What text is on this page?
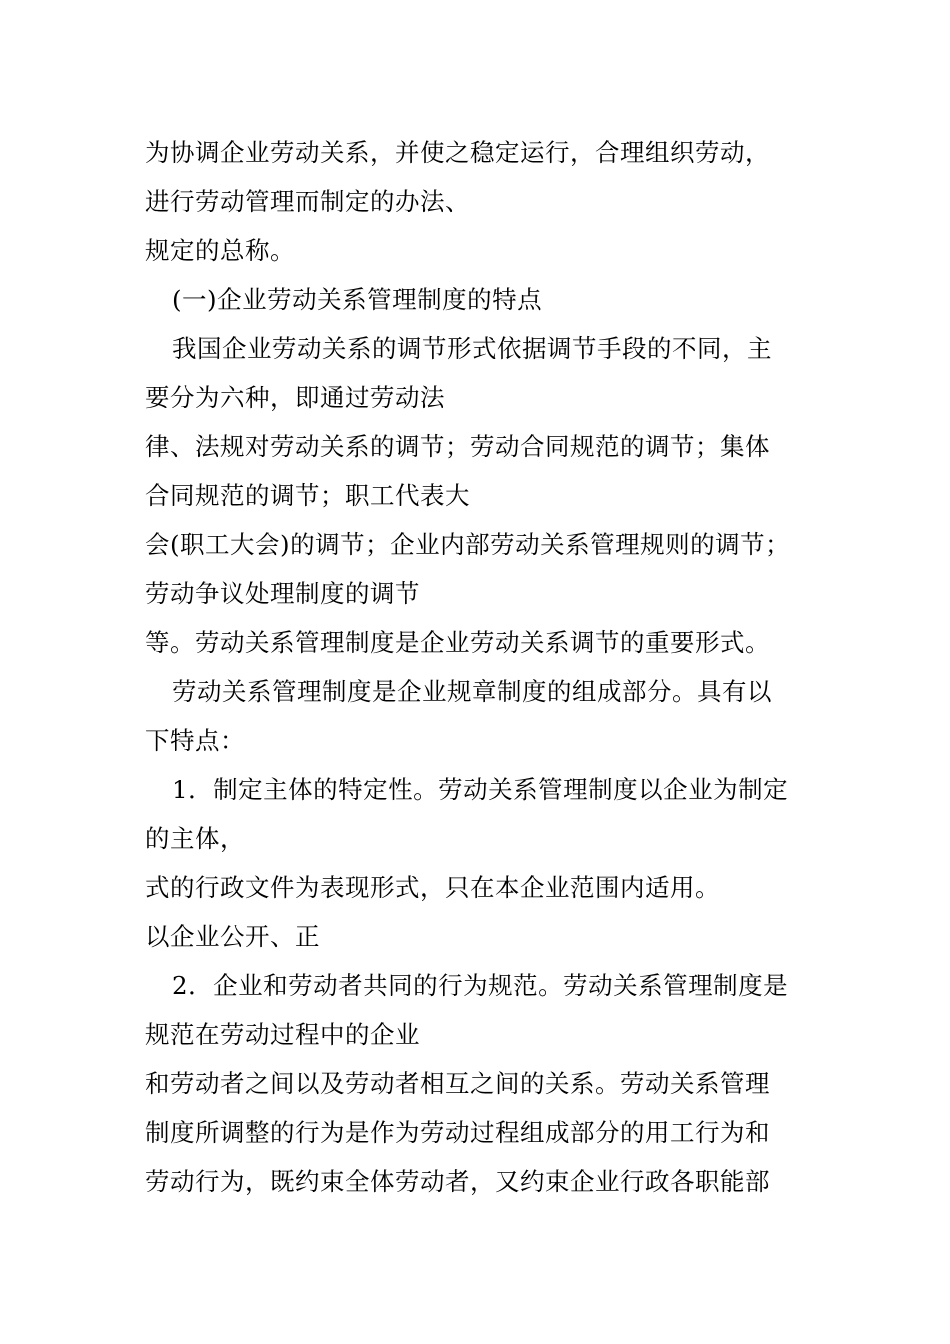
为协调企业劳动关系，并使之稳定运行，合理组织劳动，
进行劳动管理而制定的办法、
规定的总称。
(一)企业劳动关系管理制度的特点
我国企业劳动关系的调节形式依据调节手段的不同，主
要分为六种，即通过劳动法
律、法规对劳动关系的调节；劳动合同规范的调节；集体
合同规范的调节；职工代表大
会(职工大会)的调节；企业内部劳动关系管理规则的调节；
劳动争议处理制度的调节
等。劳动关系管理制度是企业劳动关系调节的重要形式。
劳动关系管理制度是企业规章制度的组成部分。具有以
下特点：
1．制定主体的特定性。劳动关系管理制度以企业为制定
的主体，
式的行政文件为表现形式，只在本企业范围内适用。
以企业公开、正
2．企业和劳动者共同的行为规范。劳动关系管理制度是
规范在劳动过程中的企业
和劳动者之间以及劳动者相互之间的关系。劳动关系管理
制度所调整的行为是作为劳动过程组成部分的用工行为和
劳动行为，既约束全体劳动者，又约束企业行政各职能部
